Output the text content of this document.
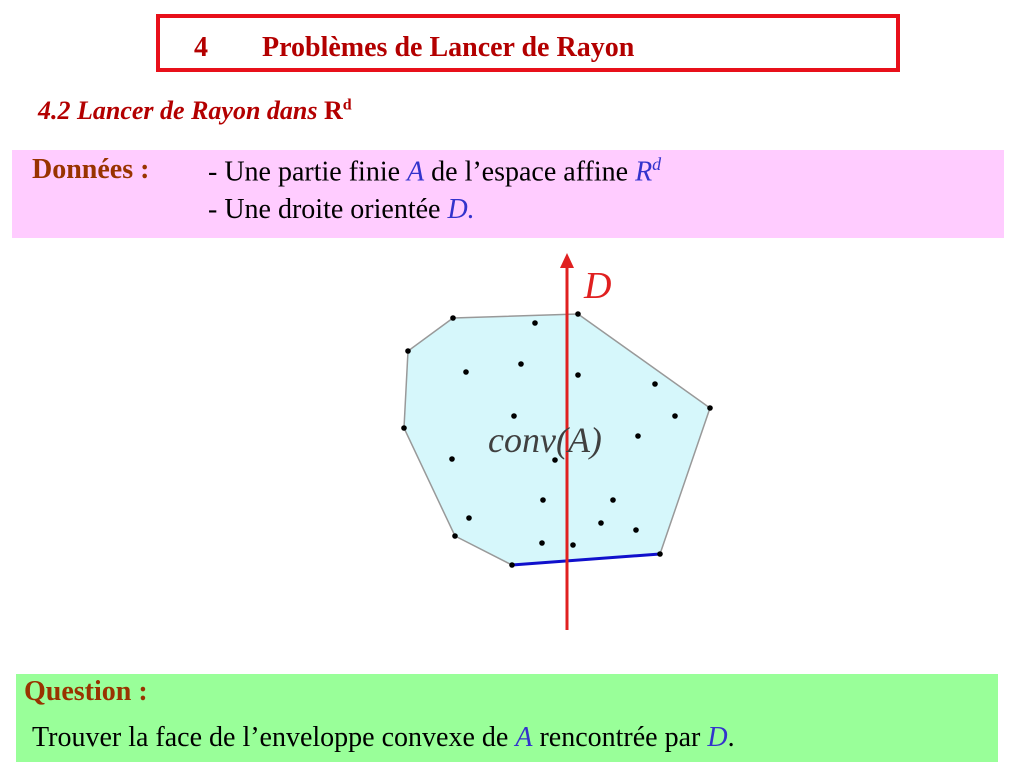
4 Problèmes de Lancer de Rayon
4.2 Lancer de Rayon dans $R^d$
Données : - Une partie finie A de l’espace affine $R^d$
- Une droite orientée D.
D
conv(A)
Question :
Trouver la face de l’enveloppe convexe de A rencontrée par D.
